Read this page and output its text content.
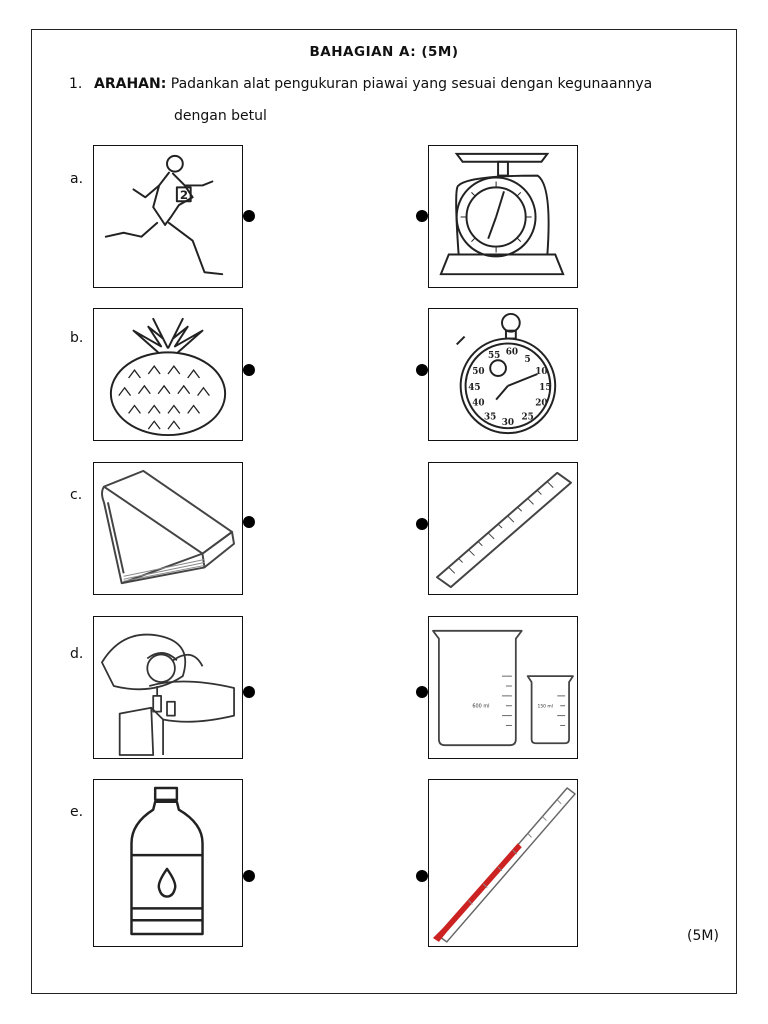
BAHAGIAN A: (5M)
1. ARAHAN: Padankan alat pengukuran piawai yang sesuai dengan kegunaannya
dengan betul
a.
b.
c.
d.
e.
2
55 60
5
50	10
45	15
40	20
35
30
25
600 ml	150 ml
(5M)
